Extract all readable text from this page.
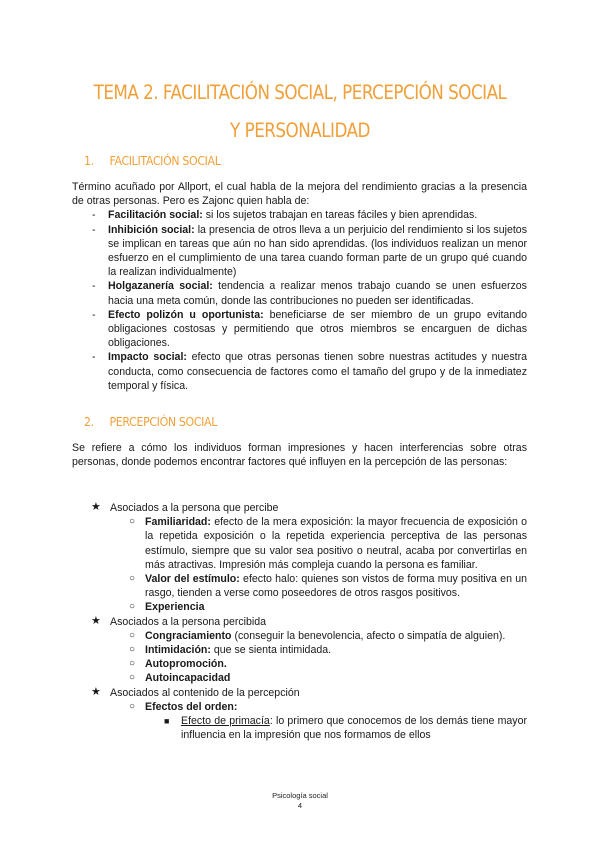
TEMA 2. FACILITACIÓN SOCIAL, PERCEPCIÓN SOCIAL
Y PERSONALIDAD
1. FACILITACIÓN SOCIAL
Término acuñado por Allport, el cual habla de la mejora del rendimiento gracias a la presencia de otras personas. Pero es Zajonc quien habla de:
- Facilitación social: si los sujetos trabajan en tareas fáciles y bien aprendidas.
- Inhibición social: la presencia de otros lleva a un perjuicio del rendimiento si los sujetos se implican en tareas que aún no han sido aprendidas. (los individuos realizan un menor esfuerzo en el cumplimiento de una tarea cuando forman parte de un grupo qué cuando la realizan individualmente)
- Holgazanería social: tendencia a realizar menos trabajo cuando se unen esfuerzos hacia una meta común, donde las contribuciones no pueden ser identificadas.
- Efecto polizón u oportunista: beneficiarse de ser miembro de un grupo evitando obligaciones costosas y permitiendo que otros miembros se encarguen de dichas obligaciones.
- Impacto social: efecto que otras personas tienen sobre nuestras actitudes y nuestra conducta, como consecuencia de factores como el tamaño del grupo y de la inmediatez temporal y física.
2. PERCEPCIÓN SOCIAL
Se refiere a cómo los individuos forman impresiones y hacen interferencias sobre otras personas, donde podemos encontrar factores qué influyen en la percepción de las personas:
★ Asociados a la persona que percibe
○ Familiaridad: efecto de la mera exposición: la mayor frecuencia de exposición o la repetida exposición o la repetida experiencia perceptiva de las personas estímulo, siempre que su valor sea positivo o neutral, acaba por convertirlas en más atractivas. Impresión más compleja cuando la persona es familiar.
○ Valor del estímulo: efecto halo: quienes son vistos de forma muy positiva en un rasgo, tienden a verse como poseedores de otros rasgos positivos.
○ Experiencia
★ Asociados a la persona percibida
○ Congraciamiento (conseguir la benevolencia, afecto o simpatía de alguien).
○ Intimidación: que se sienta intimidada.
○ Autopromoción.
○ Autoincapacidad
★ Asociados al contenido de la percepción
○ Efectos del orden:
■ Efecto de primacía: lo primero que conocemos de los demás tiene mayor influencia en la impresión que nos formamos de ellos
Psicología social
4
